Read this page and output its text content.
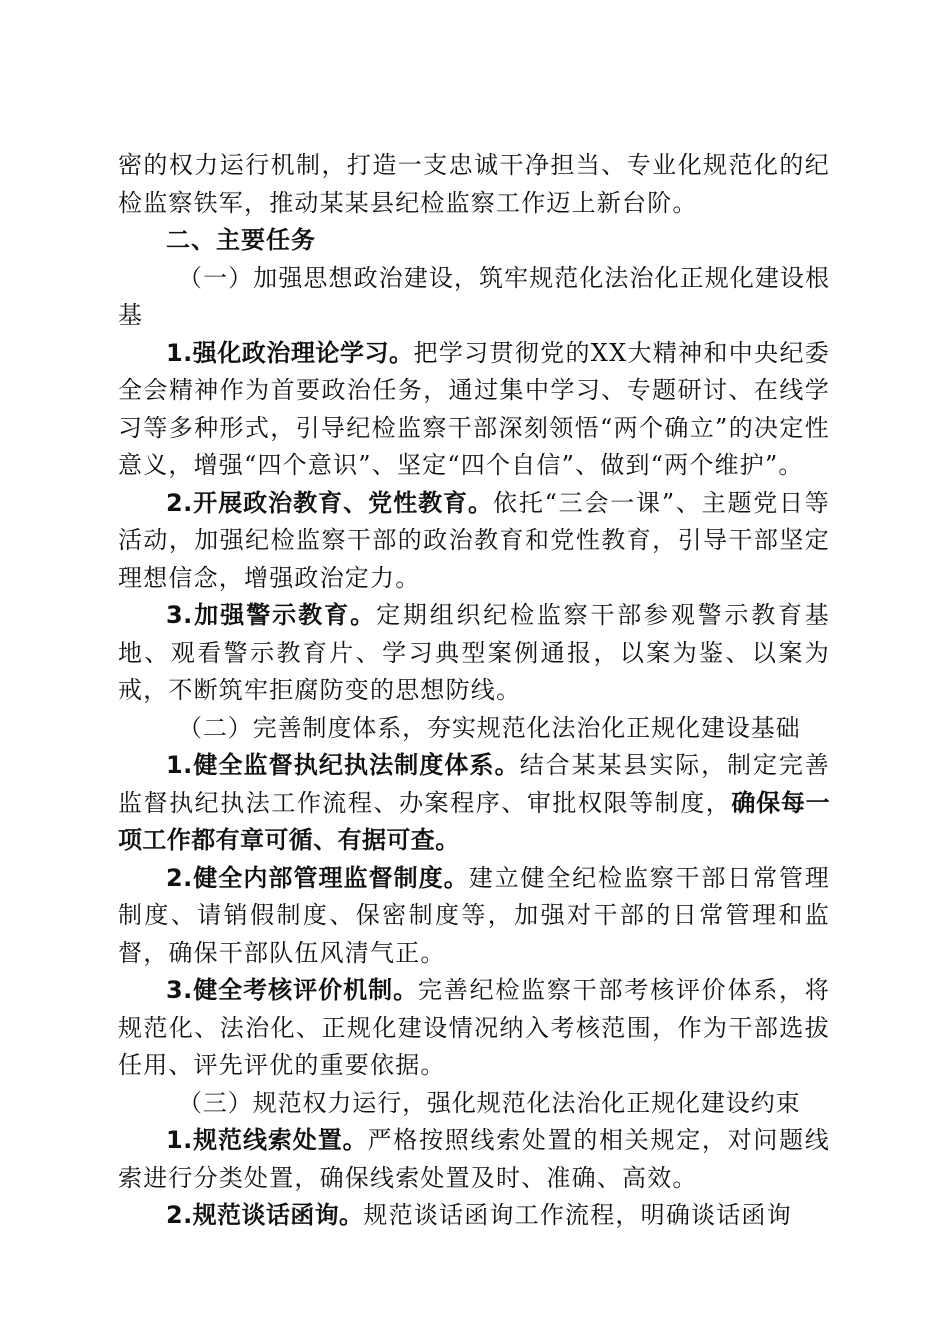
密的权力运行机制，打造一支忠诚干净担当、专业化规范化的纪检监察铁军，推动某某县纪检监察工作迈上新台阶。

二、主要任务

（一）加强思想政治建设，筑牢规范化法治化正规化建设根基

1.强化政治理论学习。把学习贯彻党的XX大精神和中央纪委全会精神作为首要政治任务，通过集中学习、专题研讨、在线学习等多种形式，引导纪检监察干部深刻领悟“两个确立”的决定性意义，增强“四个意识”、坚定“四个自信”、做到“两个维护”。

2.开展政治教育、党性教育。依托“三会一课”、主题党日等活动，加强纪检监察干部的政治教育和党性教育，引导干部坚定理想信念，增强政治定力。

3.加强警示教育。定期组织纪检监察干部参观警示教育基地、观看警示教育片、学习典型案例通报，以案为鉴、以案为戒，不断筑牢拒腐防变的思想防线。

（二）完善制度体系，夯实规范化法治化正规化建设基础

1.健全监督执纪执法制度体系。结合某某县实际，制定完善监督执纪执法工作流程、办案程序、审批权限等制度，确保每一项工作都有章可循、有据可查。

2.健全内部管理监督制度。建立健全纪检监察干部日常管理制度、请销假制度、保密制度等，加强对干部的日常管理和监督，确保干部队伍风清气正。

3.健全考核评价机制。完善纪检监察干部考核评价体系，将规范化、法治化、正规化建设情况纳入考核范围，作为干部选拔任用、评先评优的重要依据。

（三）规范权力运行，强化规范化法治化正规化建设约束

1.规范线索处置。严格按照线索处置的相关规定，对问题线索进行分类处置，确保线索处置及时、准确、高效。

2.规范谈话函询。规范谈话函询工作流程，明确谈话函询
